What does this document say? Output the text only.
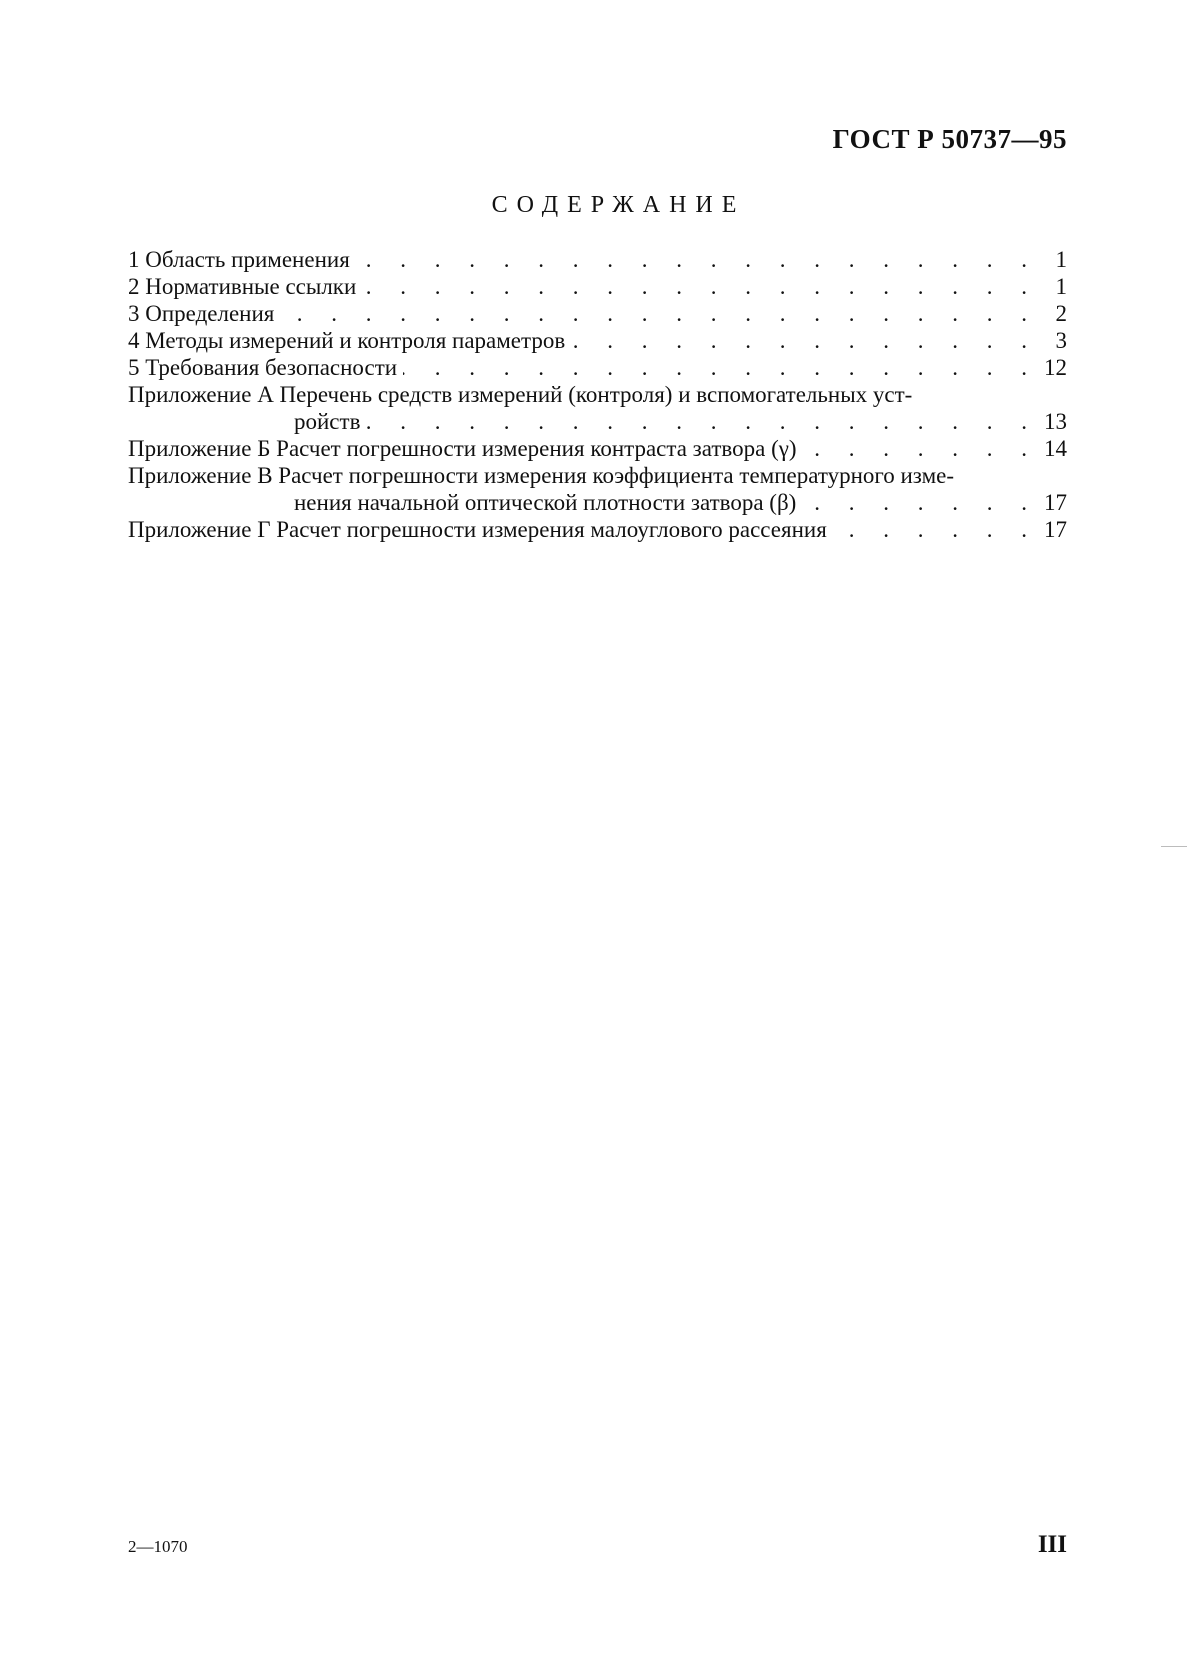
ГОСТ Р 50737—95
СОДЕРЖАНИЕ
1 Область применения .	1
2 Нормативные ссылки .	1
3 Определения .	2
4 Методы измерений и контроля параметров .	3
5 Требования безопасности .	12
Приложение А Перечень средств измерений (контроля) и вспомогательных уст-
ройств .	13
Приложение Б Расчет погрешности измерения контраста затвора (γ) .	14
Приложение В Расчет погрешности измерения коэффициента температурного изме-
нения начальной оптической плотности затвора (β) .	17
Приложение Г Расчет погрешности измерения малоуглового рассеяния .	17
2—1070	III
